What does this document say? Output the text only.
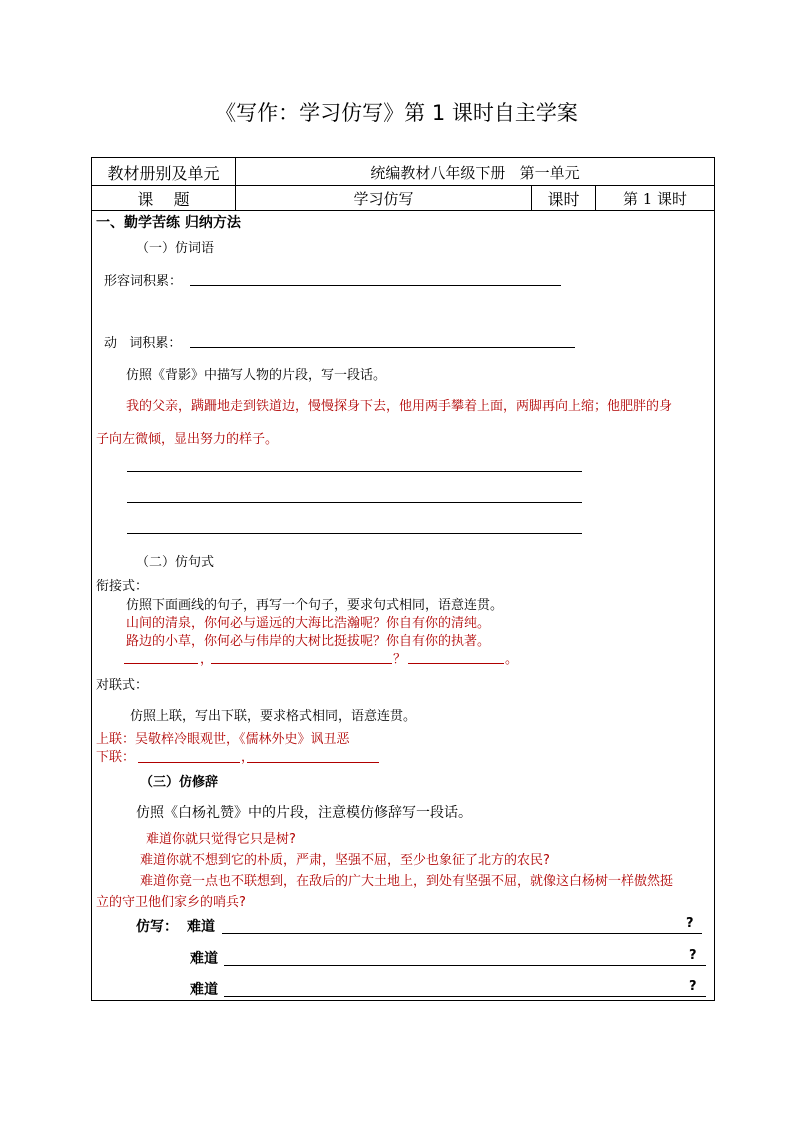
《写作：学习仿写》第 1 课时自主学案
教材册别及单元	统编教材八年级下册   第一单元
课    题	学习仿写	课时	第 1 课时
一、勤学苦练 归纳方法
（一）仿词语
形容词积累：
动   词积累：
仿照《背影》中描写人物的片段，写一段话。
我的父亲，蹒跚地走到铁道边，慢慢探身下去，他用两手攀着上面，两脚再向上缩；他肥胖的身
子向左微倾，显出努力的样子。
（二）仿句式
衔接式：
仿照下面画线的句子，再写一个句子，要求句式相同，语意连贯。
山间的清泉，你何必与遥远的大海比浩瀚呢？你自有你的清纯。
路边的小草，你何必与伟岸的大树比挺拔呢？你自有你的执著。
，	？	。
对联式：
仿照上联，写出下联，要求格式相同，语意连贯。
上联：吴敬梓冷眼观世，《儒林外史》讽丑恶
下联：	，
（三）仿修辞
仿照《白杨礼赞》中的片段，注意模仿修辞写一段话。
难道你就只觉得它只是树?
难道你就不想到它的朴质，严肃，坚强不屈，至少也象征了北方的农民?
难道你竟一点也不联想到，在敌后的广大土地上，到处有坚强不屈，就像这白杨树一样傲然挺
立的守卫他们家乡的哨兵?
仿写： 难道	?
难道	?
难道	?
